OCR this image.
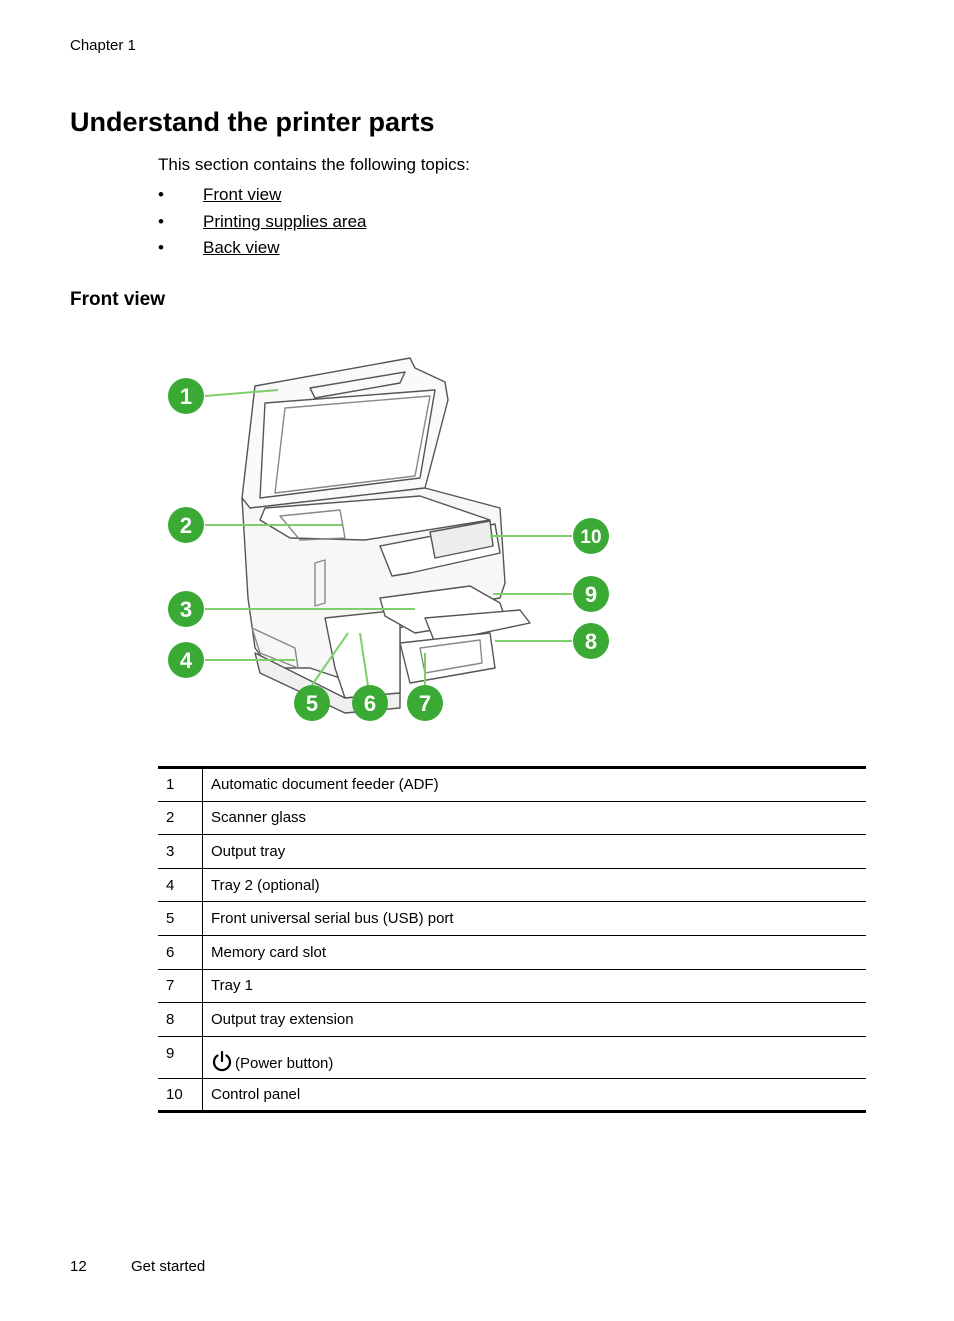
Chapter 1
Understand the printer parts
This section contains the following topics:
• Front view
• Printing supplies area
• Back view
Front view
1
2
3
4
5 6 7
8
9
10
1	Automatic document feeder (ADF)
2	Scanner glass
3	Output tray
4	Tray 2 (optional)
5	Front universal serial bus (USB) port
6	Memory card slot
7	Tray 1
8	Output tray extension
9	(Power button)
10	Control panel
12	Get started
